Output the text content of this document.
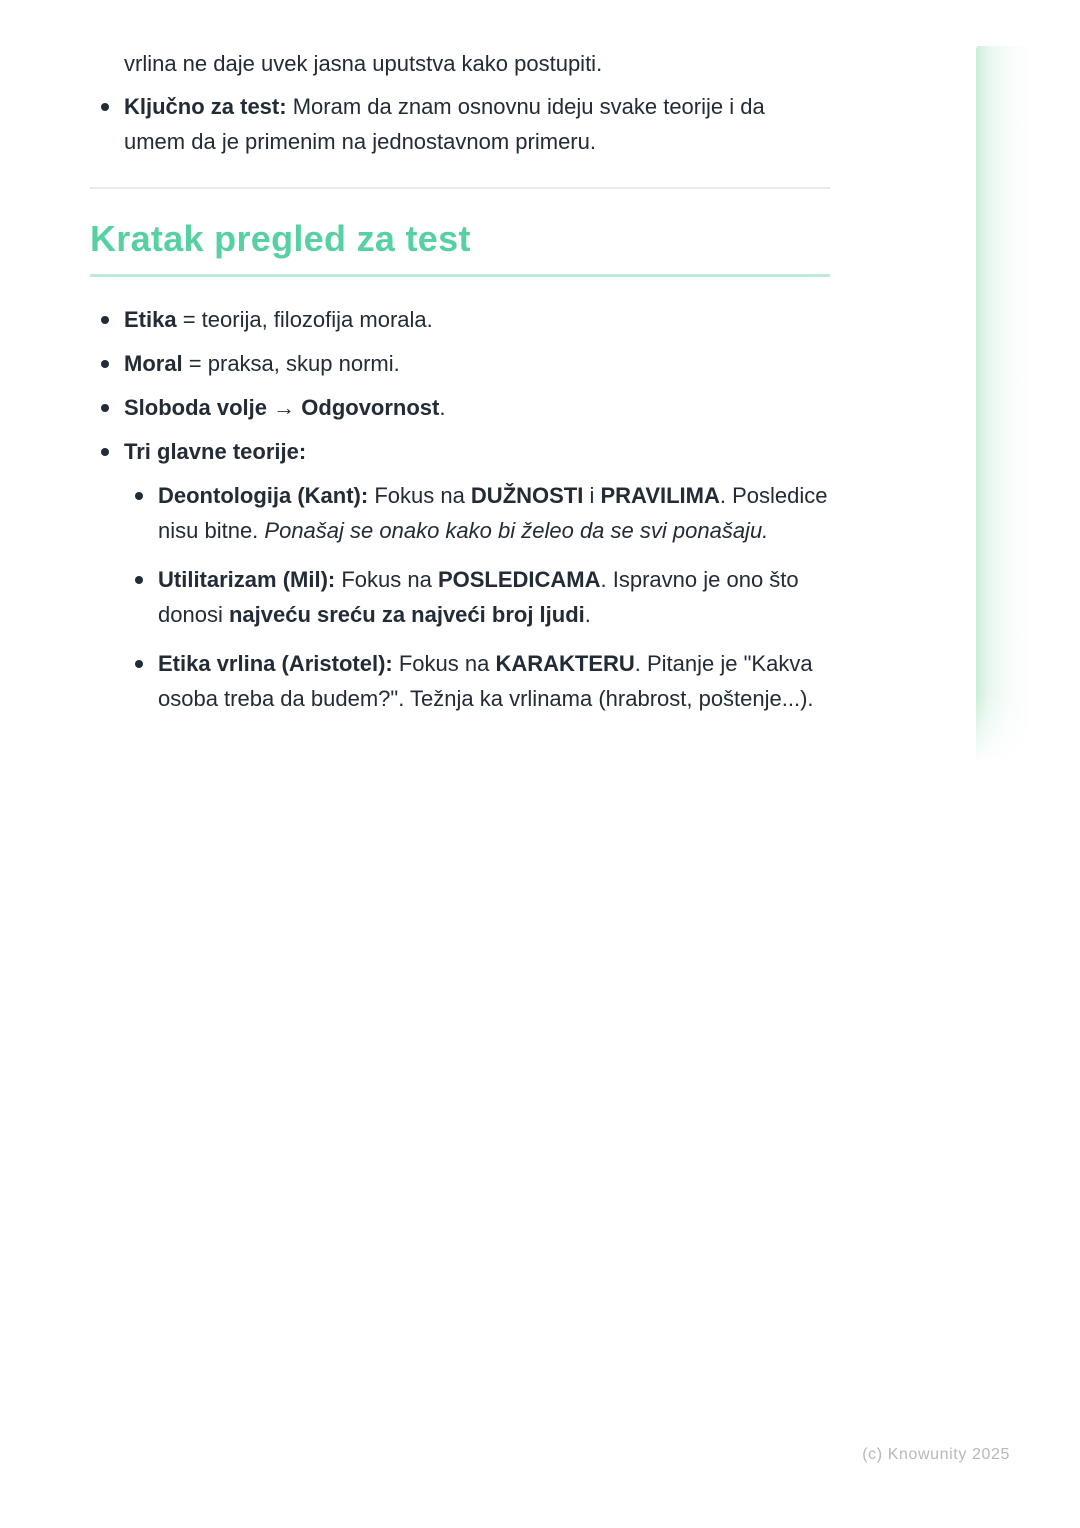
vrlina ne daje uvek jasna uputstva kako postupiti.

Ključno za test: Moram da znam osnovnu ideju svake teorije i da umem da je primenim na jednostavnom primeru.
Kratak pregled za test
Etika = teorija, filozofija morala.
Moral = praksa, skup normi.
Sloboda volje → Odgovornost.
Tri glavne teorije:
Deontologija (Kant): Fokus na DUŽNOSTI i PRAVILIMA. Posledice nisu bitne. Ponašaj se onako kako bi želeo da se svi ponašaju.
Utilitarizam (Mil): Fokus na POSLEDICAMA. Ispravno je ono što donosi najveću sreću za najveći broj ljudi.
Etika vrlina (Aristotel): Fokus na KARAKTERU. Pitanje je "Kakva osoba treba da budem?". Težnja ka vrlinama (hrabrost, poštenje...).
(c) Knowunity 2025
